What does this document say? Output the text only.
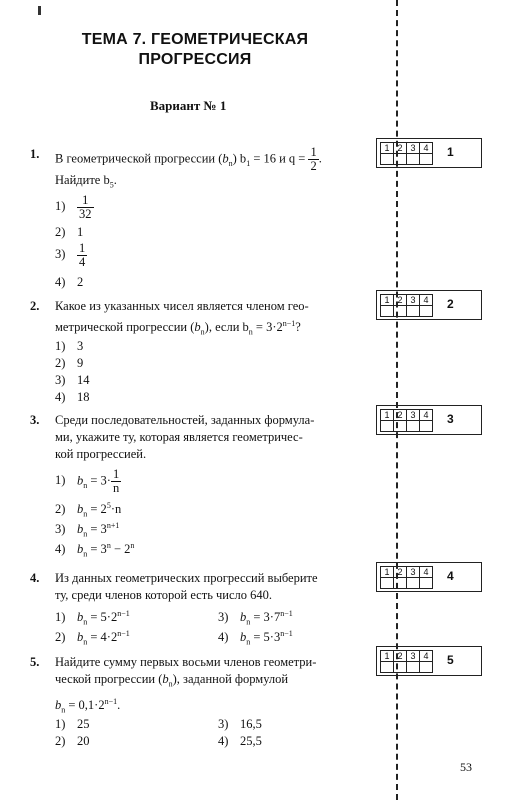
ТЕМА 7. ГЕОМЕТРИЧЕСКАЯ
ПРОГРЕССИЯ
Вариант № 1
1. В геометрической прогрессии $(b_n) b_1 = 16$ и $q = \frac{1}{2}$ .
Найдите $b_5$.
$1) \frac{1}{32}$
2) 1
$3) \frac{1}{4}$
4) 2
1 2 3 4	1
2. Какое из указанных чисел является членом гео-
метрической прогрессии $(b_n)$, если $b_n = 3\cdot 2^{n-1}$?
1) 3
2) 9
3) 14
4) 18
1 2 3 4	2
3. Среди последовательностей, заданных формула-
ми, укажите ту, которая является геометричес-
кой прогрессией.
1) $b_n = 3\cdot \frac{1}{n}$
2) $b_n = 2^5\cdot n$
3) $b_n = 3^{n+1}$
4) $b_n = 3^n - 2^n$
1 2 3 4	3
4. Из данных геометрических прогрессий выберите
ту, среди членов которой есть число 640.
1) $b_n = 5\cdot 2^{n-1}$
2) $b_n = 4\cdot 2^{n-1}$
3) $b_n = 3\cdot 7^{n-1}$
4) $b_n = 5\cdot 3^{n-1}$
1 2 3 4	4
5. Найдите сумму первых восьми членов геометри-
ческой прогрессии $(b_n)$, заданной формулой
$b_n = 0,1\cdot 2^{n-1}$.
1) 25
2) 20
3) 16,5
4) 25,5
1 2 3 4	5
53
